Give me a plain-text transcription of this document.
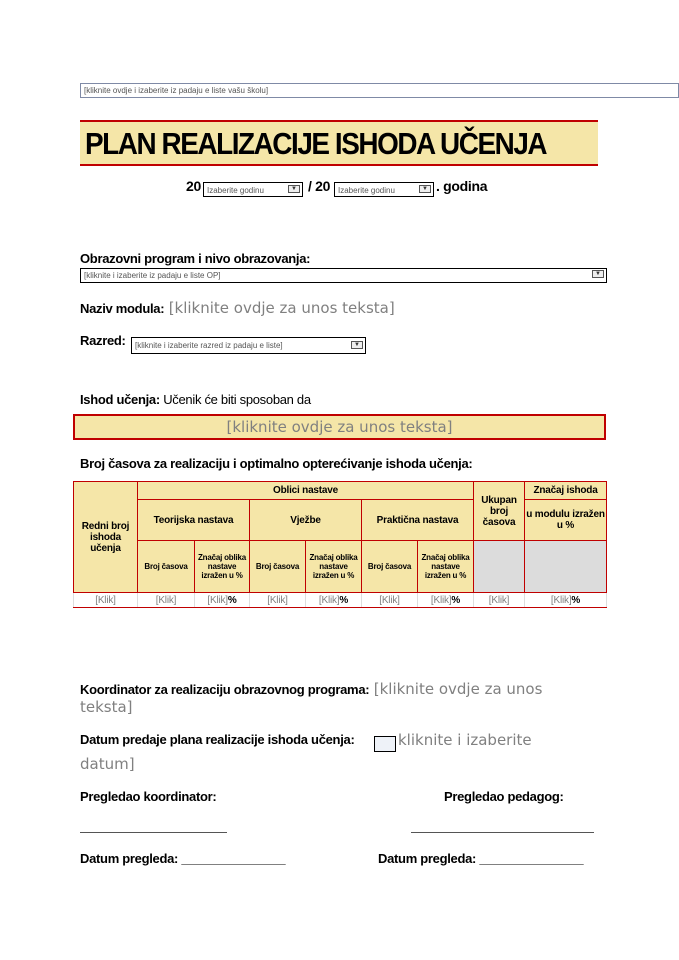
[kliknite ovdje i izaberite iz padaju e liste vašu školu]
PLAN REALIZACIJE ISHODA UČENJA
20 Izaberite godinu	▼ / 20 Izaberite godinu	▼ . godina
Obrazovni program i nivo obrazovanja:
[kliknite i izaberite iz padaju e liste OP]	▼
Naziv modula: [kliknite ovdje za unos teksta]
Razred:	[kliknite i izaberite razred iz padaju e liste]	▼
Ishod učenja: Učenik će biti sposoban da
[kliknite ovdje za unos teksta]
Broj časova za realizaciju i optimalno opterećivanje ishoda učenja:
Redni broj ishoda učenja	Oblici nastave						Ukupan broj časova	Značaj ishoda
	Teorijska nastava		Vježbe		Praktična nastava			u modulu izražen u %
	Broj časova	Značaj oblika nastave izražen u %	Broj časova	Značaj oblika nastave izražen u %	Broj časova	Značaj oblika nastave izražen u %		
[Klik]	[Klik]	[Klik]%	[Klik]	[Klik]%	[Klik]	[Klik]%	[Klik]	[Klik]%
Koordinator za realizaciju obrazovnog programa: [kliknite ovdje za unos
teksta]
Datum predaje plana realizacije ishoda učenja:	kliknite i izaberite
datum]
Pregledao koordinator:	Pregledao pedagog:
Datum pregleda: _______________	Datum pregleda: _______________
